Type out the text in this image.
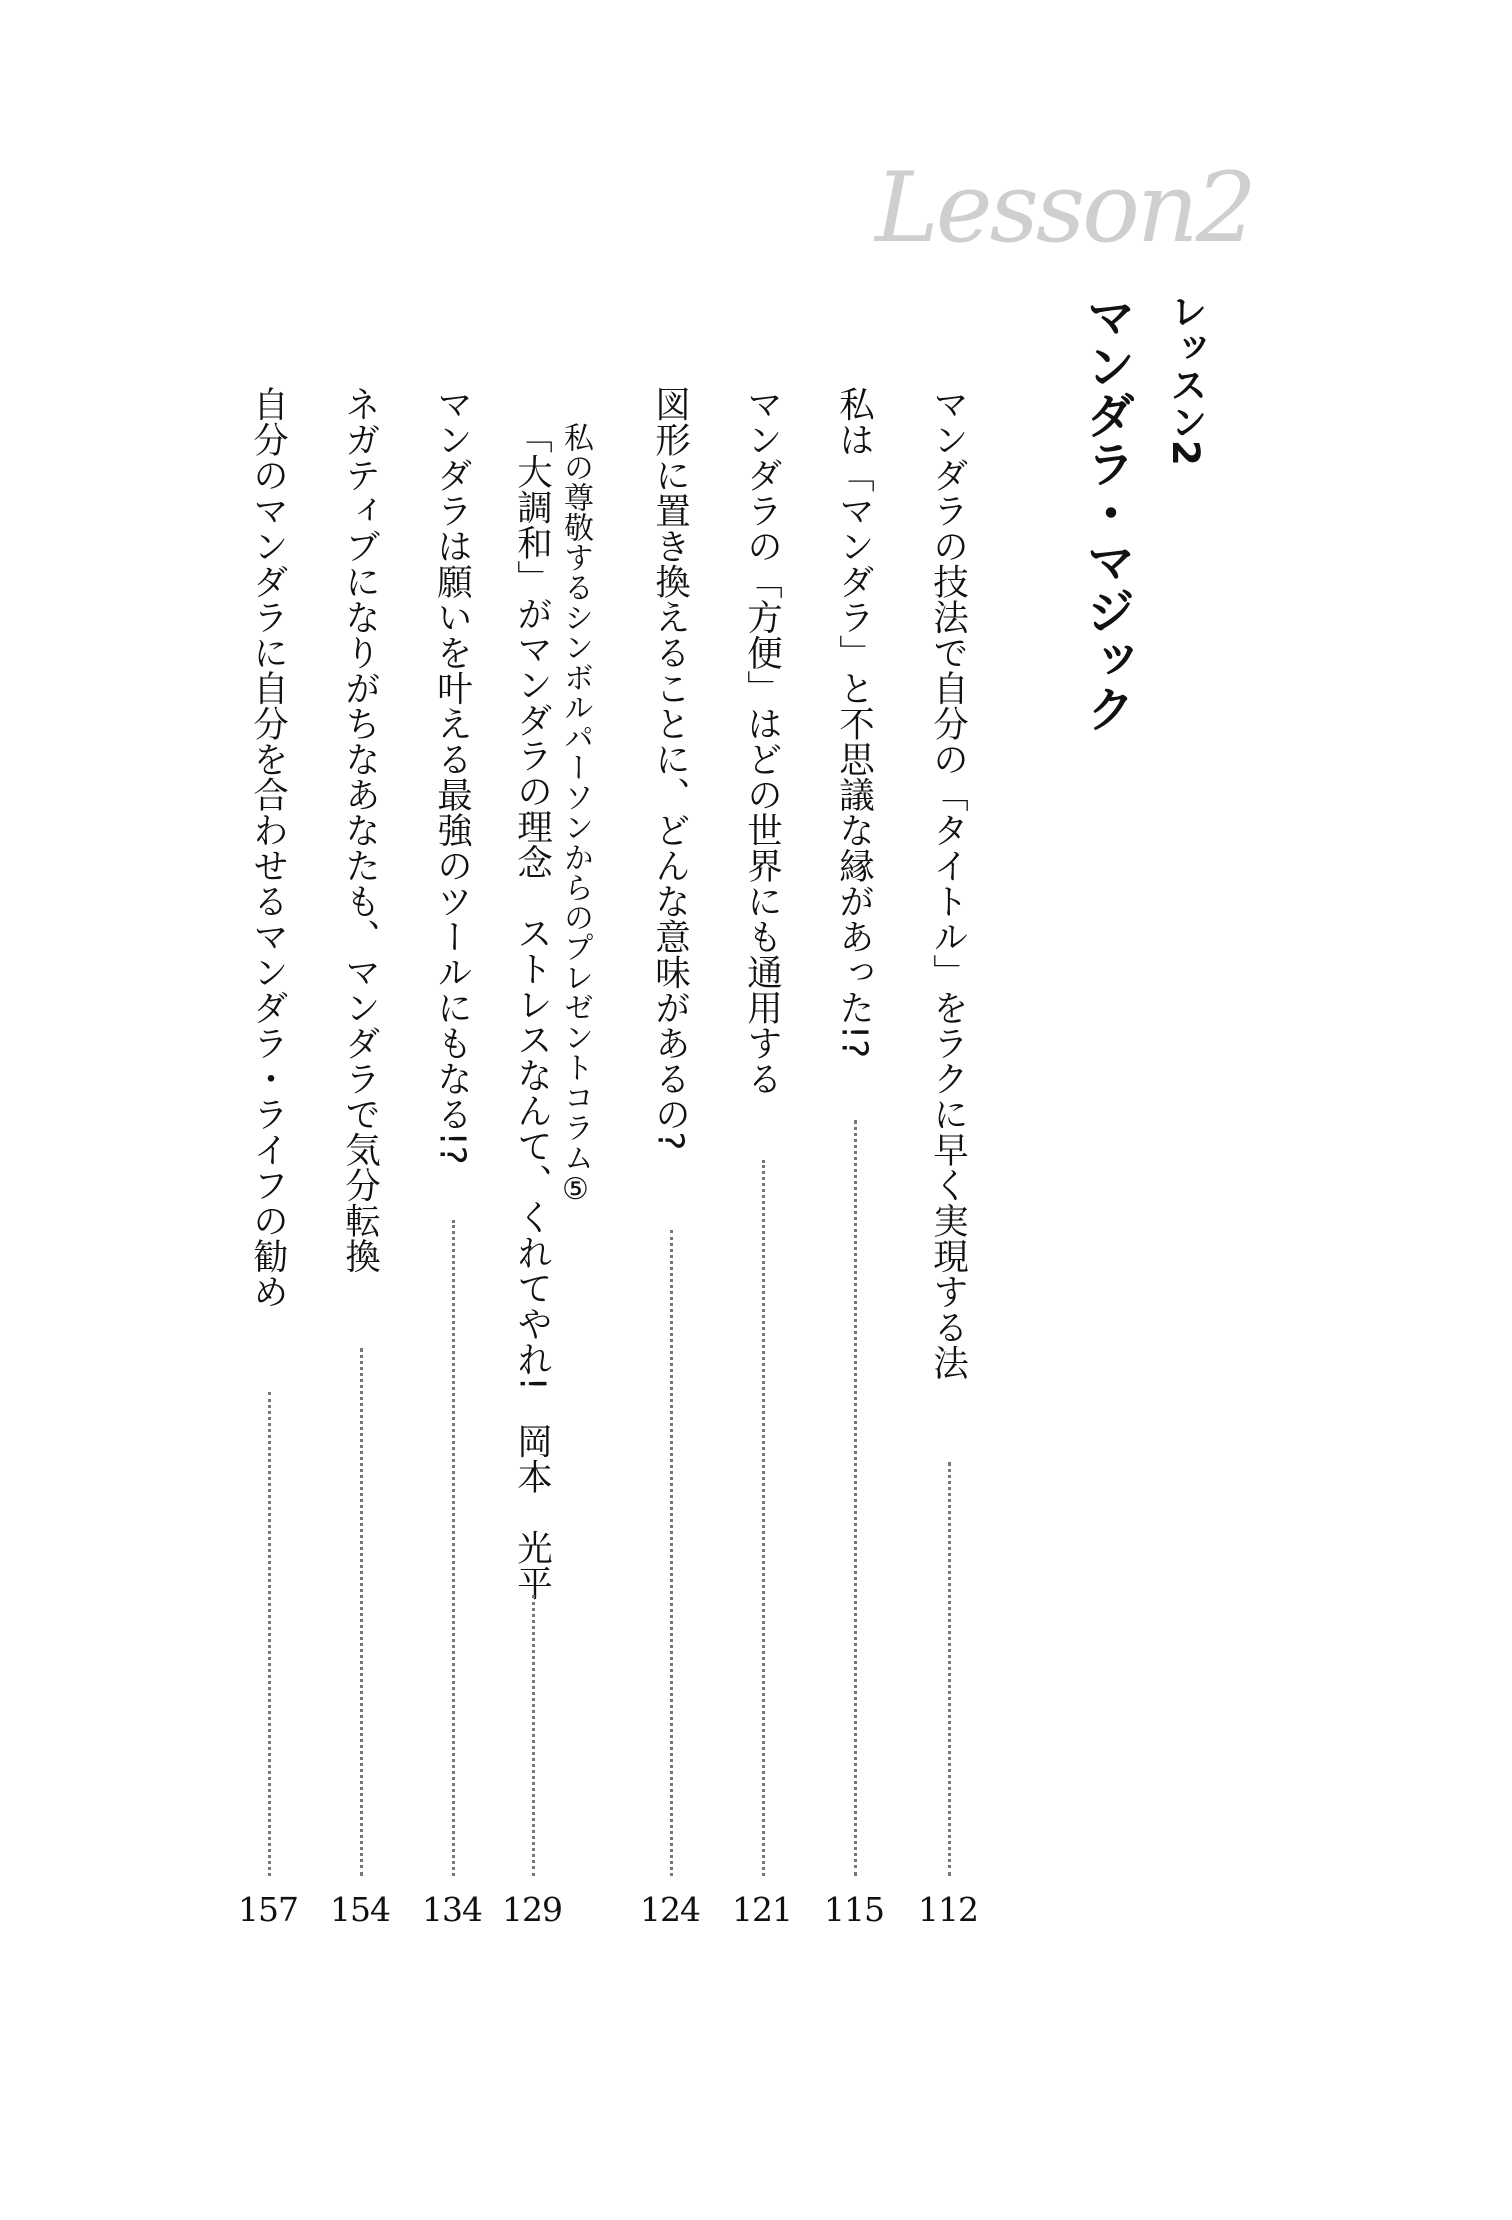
Lesson2
レッスン2
マンダラ・マジック
マンダラの技法で自分の「タイトル」をラクに早く実現する法
112
私は「マンダラ」と不思議な縁があった!?
115
マンダラの「方便」はどの世界にも通用する
121
図形に置き換えることに、どんな意味があるの?
124
私の尊敬するシンボルパーソンからのプレゼントコラム⑤
「大調和」がマンダラの理念　ストレスなんて、くれてやれ!
岡本　光平
129
マンダラは願いを叶える最強のツールにもなる!?
134
ネガティブになりがちなあなたも、マンダラで気分転換
154
自分のマンダラに自分を合わせるマンダラ・ライフの勧め
157
